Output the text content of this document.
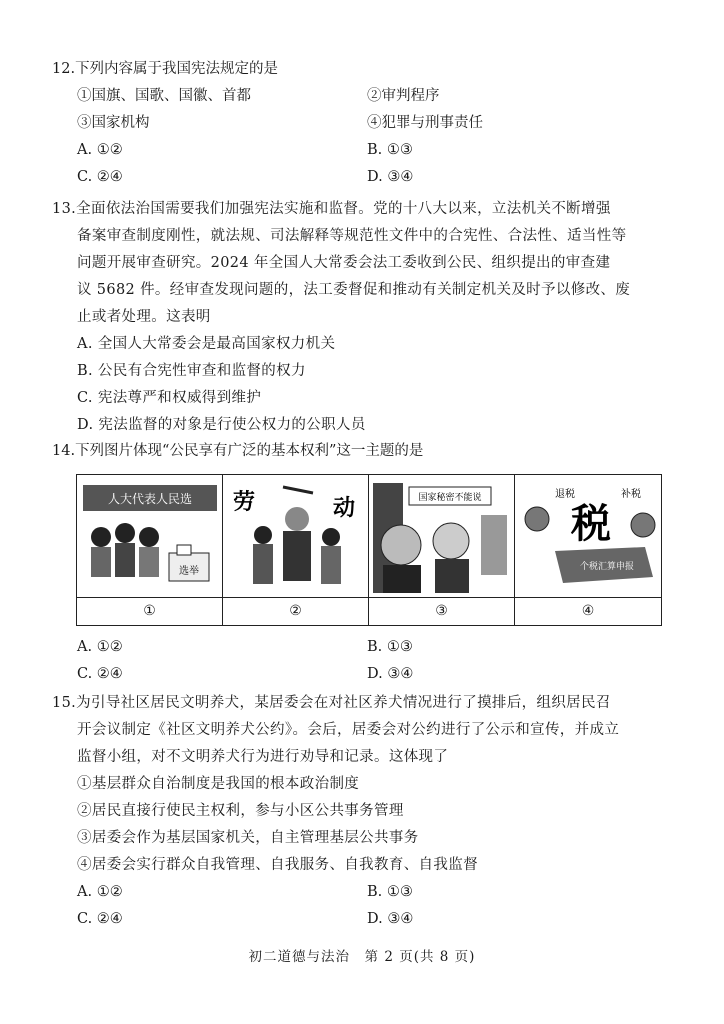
12.下列内容属于我国宪法规定的是
①国旗、国歌、国徽、首都	②审判程序
③国家机构	④犯罪与刑事责任
A. ①②	B. ①③
C. ②④	D. ③④
13.全面依法治国需要我们加强宪法实施和监督。党的十八大以来，立法机关不断增强
备案审查制度刚性，就法规、司法解释等规范性文件中的合宪性、合法性、适当性等
问题开展审查研究。2024 年全国人大常委会法工委收到公民、组织提出的审查建
议 5682 件。经审查发现问题的，法工委督促和推动有关制定机关及时予以修改、废
止或者处理。这表明
A. 全国人大常委会是最高国家权力机关
B. 公民有合宪性审查和监督的权力
C. 宪法尊严和权威得到维护
D. 宪法监督的对象是行使公权力的公职人员
14.下列图片体现“公民享有广泛的基本权利”这一主题的是
人大代表人民选
选举
劳	动	国家秘密不能说	退税	补税
税
个税汇算申报
①	②	③	④
A. ①②	B. ①③
C. ②④	D. ③④
15.为引导社区居民文明养犬，某居委会在对社区养犬情况进行了摸排后，组织居民召
开会议制定《社区文明养犬公约》。会后，居委会对公约进行了公示和宣传，并成立
监督小组，对不文明养犬行为进行劝导和记录。这体现了
①基层群众自治制度是我国的根本政治制度
②居民直接行使民主权利，参与小区公共事务管理
③居委会作为基层国家机关，自主管理基层公共事务
④居委会实行群众自我管理、自我服务、自我教育、自我监督
A. ①②	B. ①③
C. ②④	D. ③④
初二道德与法治　第 2 页(共 8 页)
